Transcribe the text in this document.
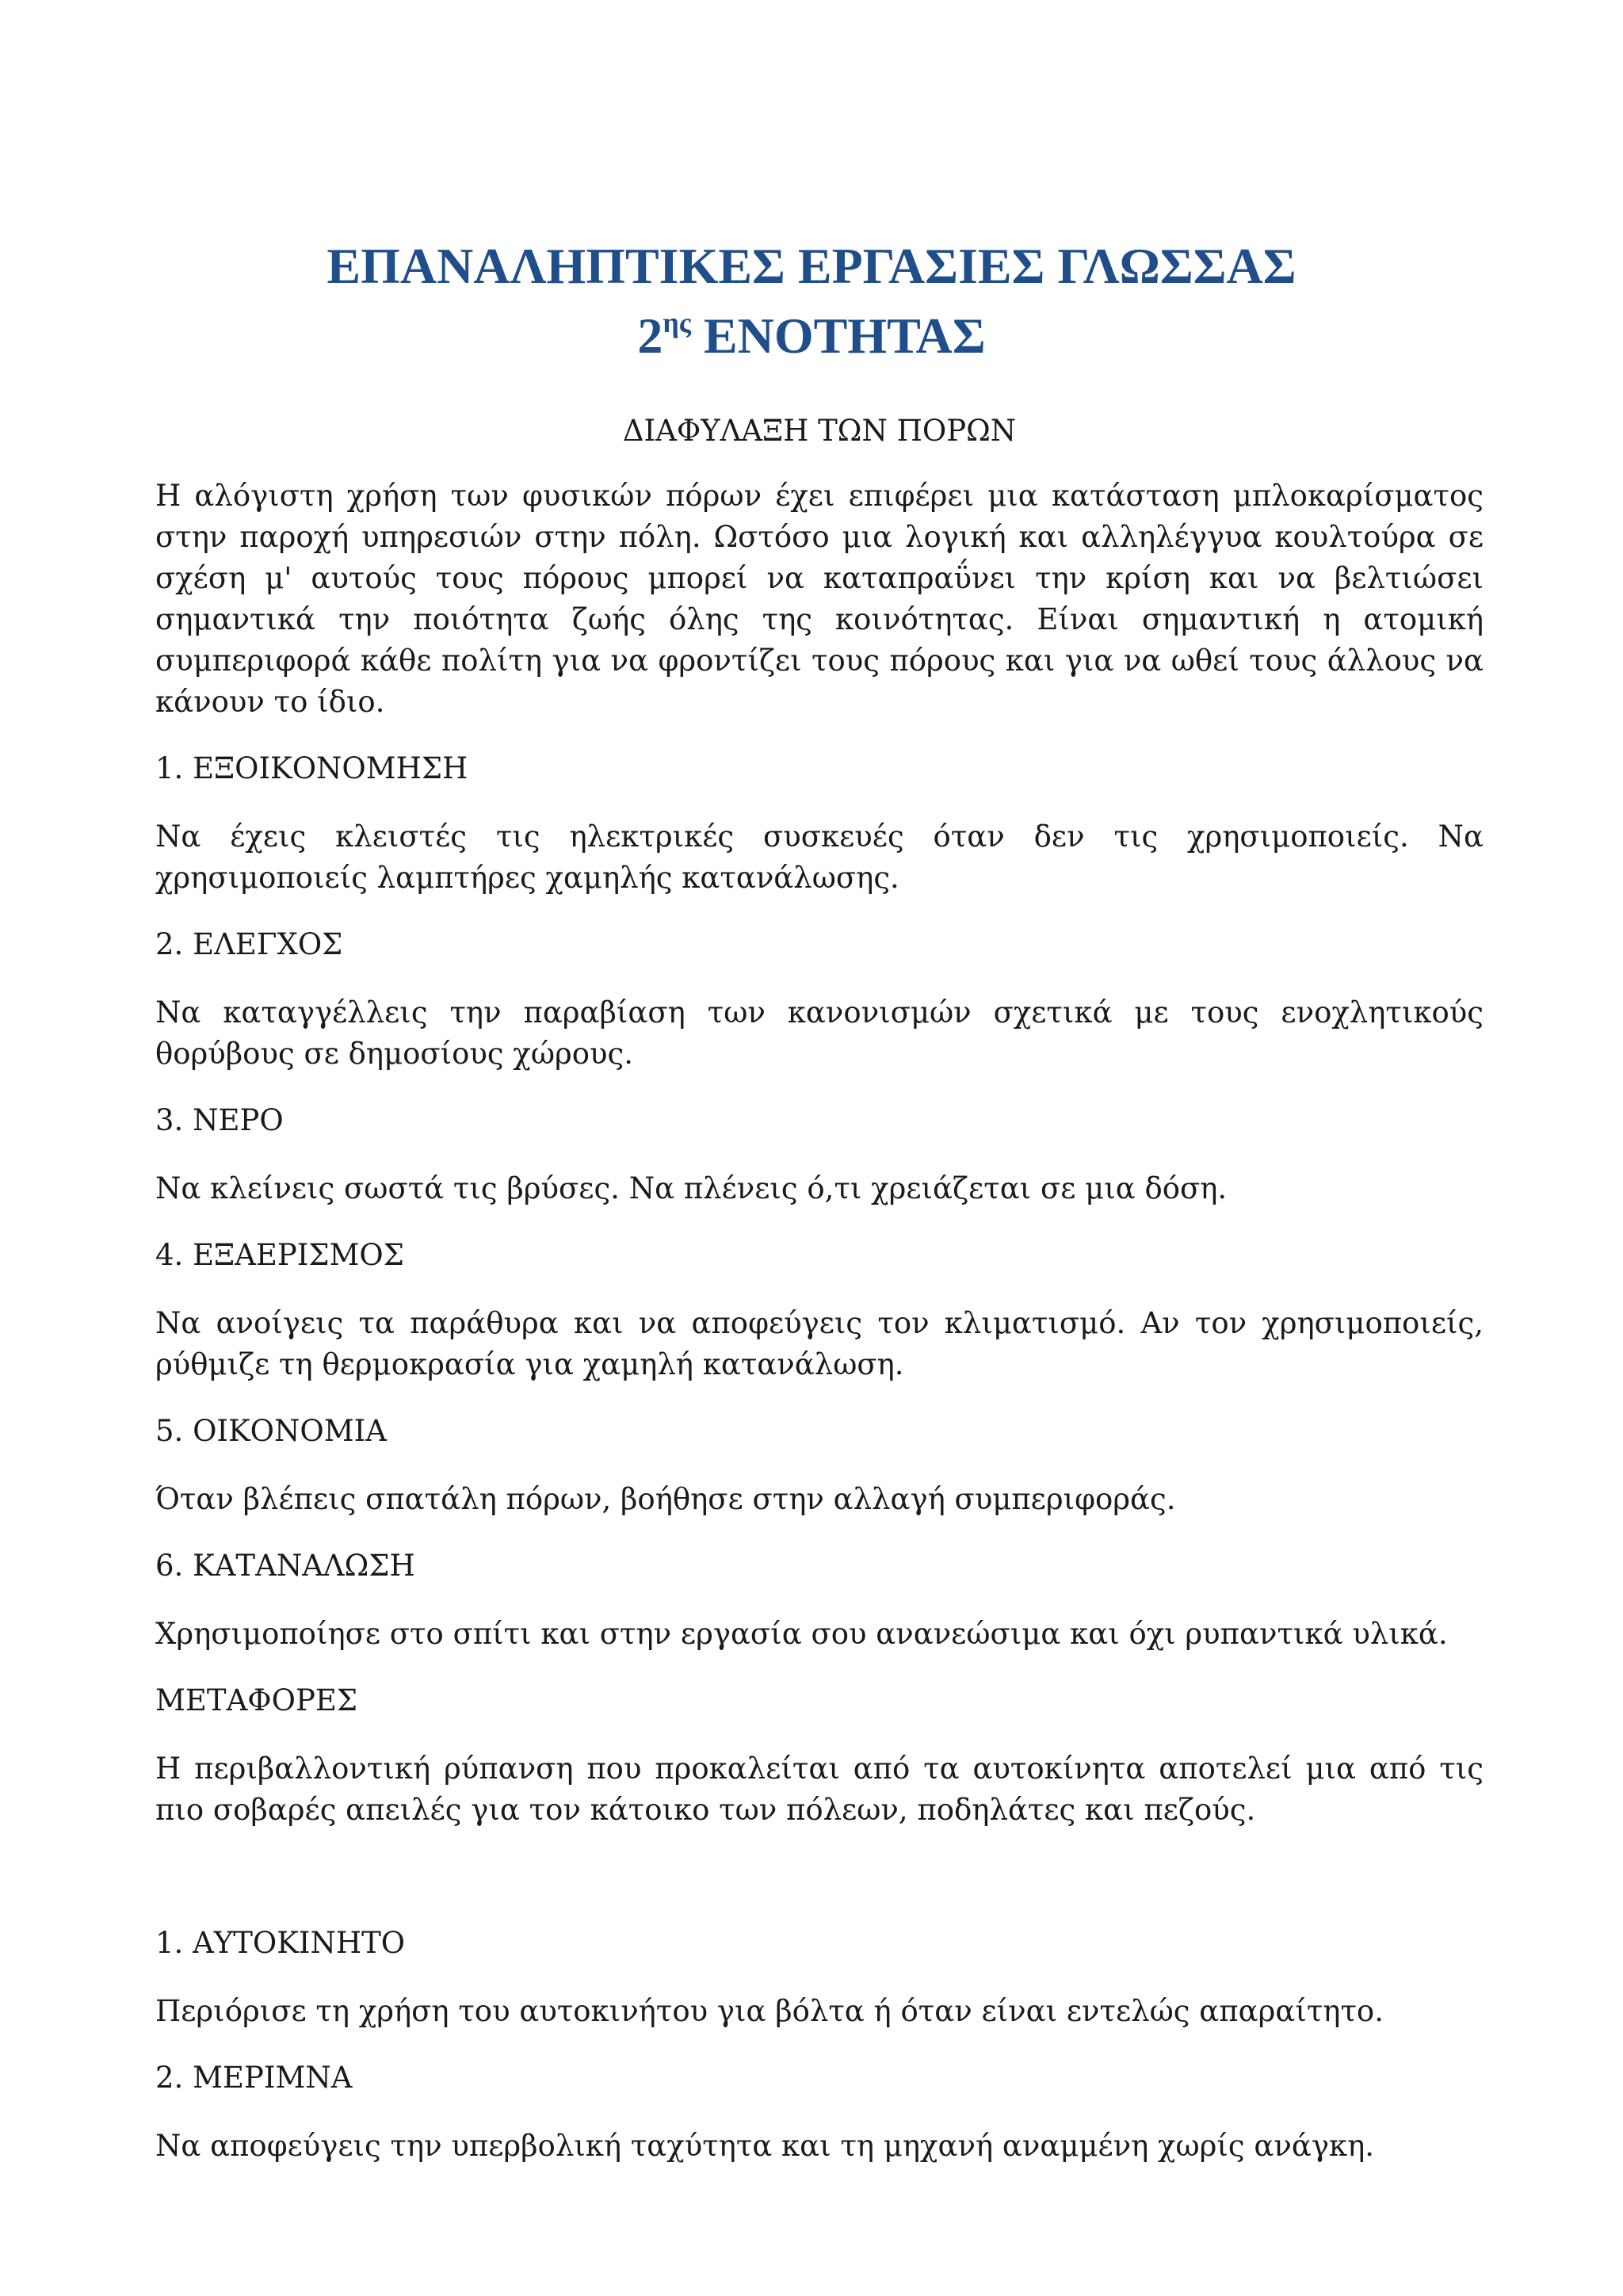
ΕΠΑΝΑΛΗΠΤΙΚΕΣ ΕΡΓΑΣΙΕΣ ΓΛΩΣΣΑΣ
$2^{\eta\varsigma}$ ΕΝΟΤΗΤΑΣ
ΔΙΑΦΥΛΑΞΗ ΤΩΝ ΠΟΡΩΝ
Η αλόγιστη χρήση των φυσικών πόρων έχει επιφέρει μια κατάσταση μπλοκαρίσματος στην παροχή υπηρεσιών στην πόλη. Ωστόσο μια λογική και αλληλέγγυα κουλτούρα σε σχέση μ' αυτούς τους πόρους μπορεί να καταπραΰνει την κρίση και να βελτιώσει σημαντικά την ποιότητα ζωής όλης της κοινότητας. Είναι σημαντική η ατομική συμπεριφορά κάθε πολίτη για να φροντίζει τους πόρους και για να ωθεί τους άλλους να κάνουν το ίδιο.
1. ΕΞΟΙΚΟΝΟΜΗΣΗ
Να έχεις κλειστές τις ηλεκτρικές συσκευές όταν δεν τις χρησιμοποιείς. Να χρησιμοποιείς λαμπτήρες χαμηλής κατανάλωσης.
2. ΕΛΕΓΧΟΣ
Να καταγγέλλεις την παραβίαση των κανονισμών σχετικά με τους ενοχλητικούς θορύβους σε δημοσίους χώρους.
3. ΝΕΡΟ
Να κλείνεις σωστά τις βρύσες. Να πλένεις ό,τι χρειάζεται σε μια δόση.
4. ΕΞΑΕΡΙΣΜΟΣ
Να ανοίγεις τα παράθυρα και να αποφεύγεις τον κλιματισμό. Αν τον χρησιμοποιείς, ρύθμιζε τη θερμοκρασία για χαμηλή κατανάλωση.
5. ΟΙΚΟΝΟΜΙΑ
Όταν βλέπεις σπατάλη πόρων, βοήθησε στην αλλαγή συμπεριφοράς.
6. ΚΑΤΑΝΑΛΩΣΗ
Χρησιμοποίησε στο σπίτι και στην εργασία σου ανανεώσιμα και όχι ρυπαντικά υλικά.
ΜΕΤΑΦΟΡΕΣ
Η περιβαλλοντική ρύπανση που προκαλείται από τα αυτοκίνητα αποτελεί μια από τις πιο σοβαρές απειλές για τον κάτοικο των πόλεων, ποδηλάτες και πεζούς.
1. ΑΥΤΟΚΙΝΗΤΟ
Περιόρισε τη χρήση του αυτοκινήτου για βόλτα ή όταν είναι εντελώς απαραίτητο.
2. ΜΕΡΙΜΝΑ
Να αποφεύγεις την υπερβολική ταχύτητα και τη μηχανή αναμμένη χωρίς ανάγκη.
